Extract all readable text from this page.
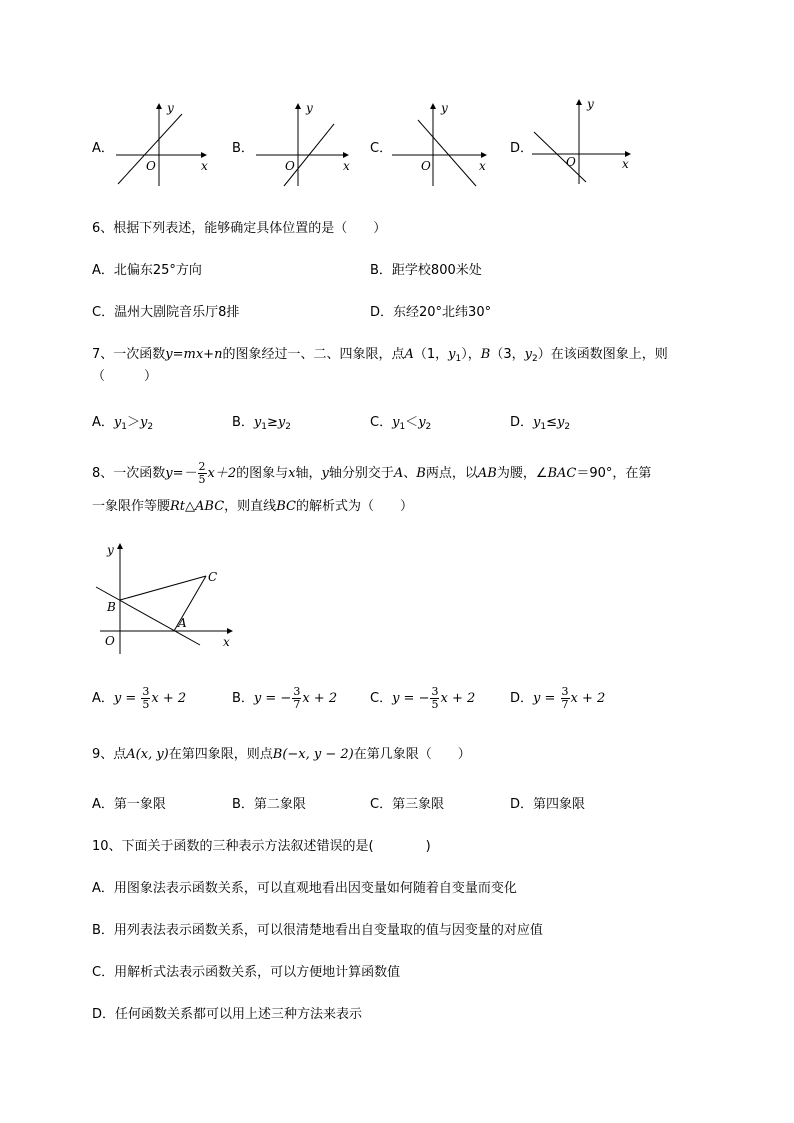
A．
y
x
O
B．
y
x
O
C．
y
x
O
D．
y
x
O
6、根据下列表述，能够确定具体位置的是（　　）
A．北偏东25°方向	B．距学校800米处
C．温州大剧院音乐厅8排	D．东经20°北纬30°
7、一次函数y=mx+n的图象经过一、二、四象限，点A（1，$y_1$），B（3，$y_2$）在该函数图象上，则
（　　　）
A．$y_1>y_2$	B．$y_1\ge y_2$	C．$y_1<y_2$	D．$y_1\le y_2$
8、一次函数$y=- \frac{2}{5} x+2$的图象与x轴，y轴分别交于A、B两点，以AB为腰，∠BAC＝90°，在第
一象限作等腰Rt△ABC，则直线BC的解析式为（　　）
y
x
O
B
A
C
A．$y = \frac{3}{5}$ x + 2	B．y = − $\frac{3}{7}$ x + 2	C．y = − $\frac{3}{5}$ x + 2	D．$y = \frac{3}{7}$ x + 2
9、点A(x, y)在第四象限，则点B(−x, y − 2)在第几象限（　　）
A．第一象限	B．第二象限	C．第三象限	D．第四象限
10、下面关于函数的三种表示方法叙述错误的是(　　　　)
A．用图象法表示函数关系，可以直观地看出因变量如何随着自变量而变化
B．用列表法表示函数关系，可以很清楚地看出自变量取的值与因变量的对应值
C．用解析式法表示函数关系，可以方便地计算函数值
D．任何函数关系都可以用上述三种方法来表示
